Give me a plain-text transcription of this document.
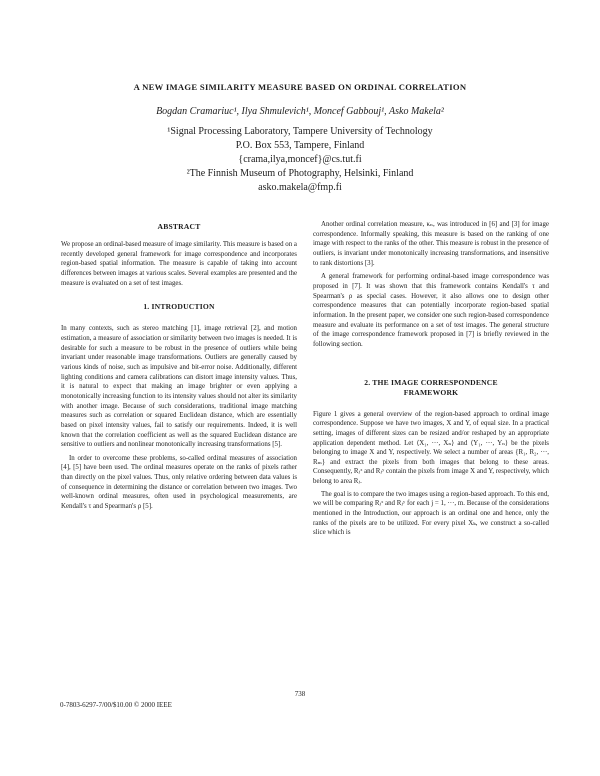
A NEW IMAGE SIMILARITY MEASURE BASED ON ORDINAL CORRELATION
Bogdan Cramariuc¹, Ilya Shmulevich¹, Moncef Gabbouj¹, Asko Makela²
¹Signal Processing Laboratory, Tampere University of Technology
P.O. Box 553, Tampere, Finland
{crama,ilya,moncef}@cs.tut.fi
²The Finnish Museum of Photography, Helsinki, Finland
asko.makela@fmp.fi
ABSTRACT

We propose an ordinal-based measure of image similarity. This measure is based on a recently developed general framework for image correspondence and incorporates region-based spatial information. The measure is capable of taking into account differences between images at various scales. Several examples are presented and the measure is evaluated on a set of test images.

1. INTRODUCTION

In many contexts, such as stereo matching [1], image retrieval [2], and motion estimation, a measure of association or similarity between two images is needed. It is desirable for such a measure to be robust in the presence of outliers while being invariant under reasonable image transformations. Outliers are generally caused by various kinds of noise, such as impulsive and bit-error noise. Additionally, different lighting conditions and camera calibrations can distort image intensity values. Thus, it is natural to expect that making an image brighter or even applying a monotonically increasing function to its intensity values should not alter its similarity with another image. Because of such considerations, traditional image matching measures such as correlation or squared Euclidean distance, which are essentially based on pixel intensity values, fail to satisfy our requirements. Indeed, it is well known that the correlation coefficient as well as the squared Euclidean distance are sensitive to outliers and nonlinear monotonically increasing transformations [5].

In order to overcome these problems, so-called ordinal measures of association [4], [5] have been used. The ordinal measures operate on the ranks of pixels rather than directly on the pixel values. Thus, only relative ordering between data values is of consequence in determining the distance or correlation between two images. Two well-known ordinal measures, often used in psychological measurements, are Kendall's τ and Spearman's ρ [5].

Another ordinal correlation measure, κₙ, was introduced in [6] and [3] for image correspondence. Informally speaking, this measure is based on the ranking of one image with respect to the ranks of the other. This measure is robust in the presence of outliers, is invariant under monotonically increasing transformations, and insensitive to rank distortions [3].

A general framework for performing ordinal-based image correspondence was proposed in [7]. It was shown that this framework contains Kendall's τ and Spearman's ρ as special cases. However, it also allows one to design other correspondence measures that can potentially incorporate region-based spatial information. In the present paper, we consider one such region-based correspondence measure and evaluate its performance on a set of test images. The general structure of the image correspondence framework proposed in [7] is briefly reviewed in the following section.

2. THE IMAGE CORRESPONDENCE
FRAMEWORK

Figure 1 gives a general overview of the region-based approach to ordinal image correspondence. Suppose we have two images, X and Y, of equal size. In a practical setting, images of different sizes can be resized and/or reshaped by an appropriate application dependent method. Let ⟨X₁, ···, Xₙ⟩ and ⟨Y₁, ···, Yₙ⟩ be the pixels belonging to image X and Y, respectively. We select a number of areas {R₁, R₂, ···, Rₘ} and extract the pixels from both images that belong to these areas. Consequently, Rⱼˣ and Rⱼʸ contain the pixels from image X and Y, respectively, which belong to area Rⱼ.

The goal is to compare the two images using a region-based approach. To this end, we will be comparing Rⱼˣ and Rⱼʸ for each j = 1, ···, m. Because of the considerations mentioned in the Introduction, our approach is an ordinal one and hence, only the ranks of the pixels are to be utilized. For every pixel Xₖ, we construct a so-called slice which is

738
0-7803-6297-7/00/$10.00 © 2000 IEEE
